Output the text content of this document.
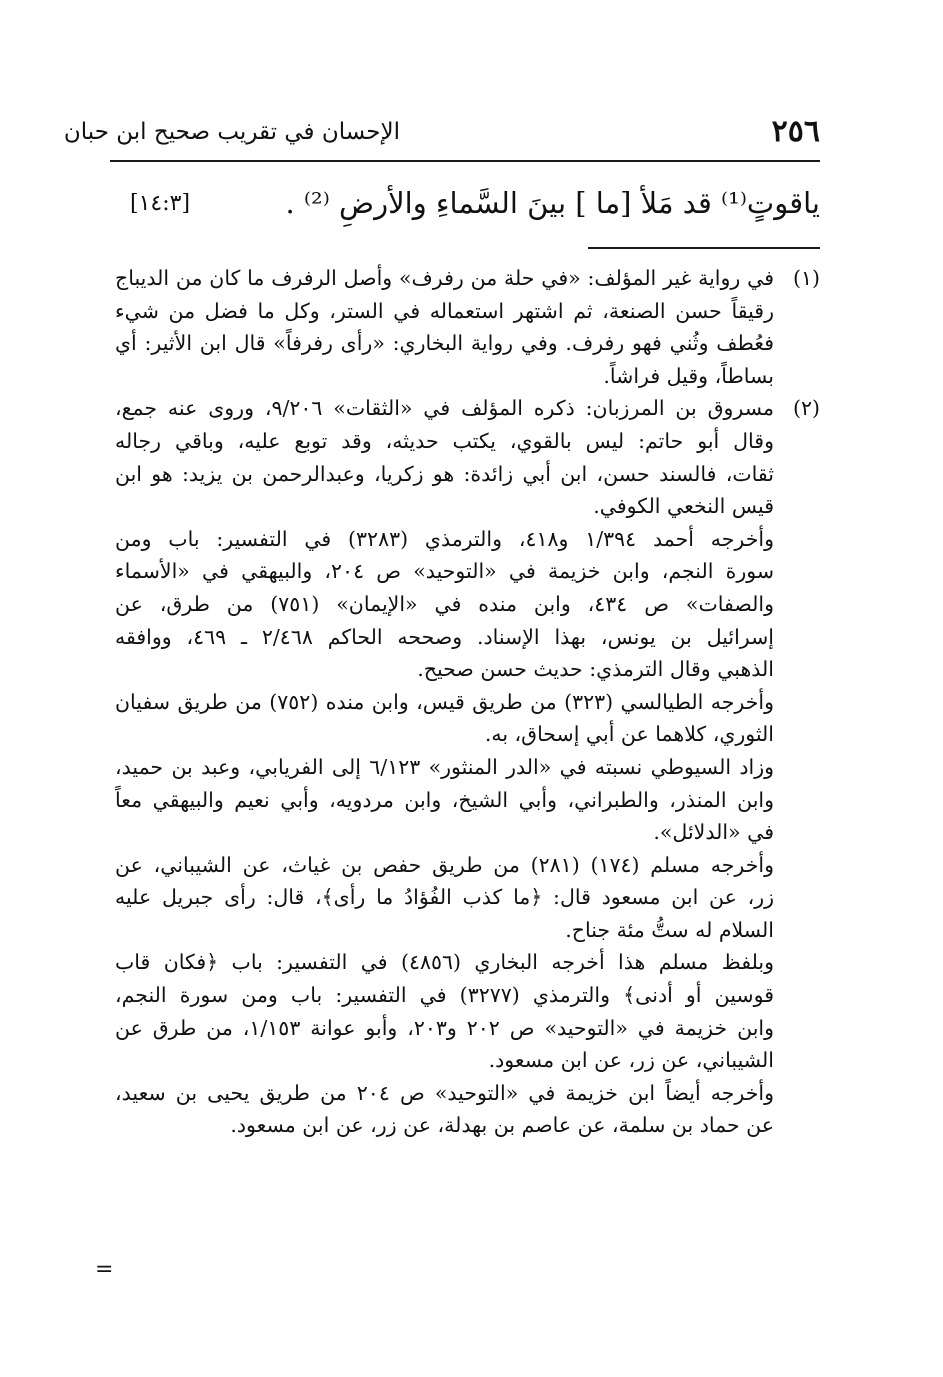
٢٥٦
الإحسان في تقريب صحيح ابن حبان
ياقوتٍ⁽¹⁾ قد مَلأ [ما ] بينَ السَّماءِ والأرضِ ⁽²⁾ .
[١٤:٣]
(١)
في رواية غير المؤلف: «في حلة من رفرف» وأصل الرفرف ما كان من الديباج
رقيقاً حسن الصنعة، ثم اشتهر استعماله في الستر، وكل ما فضل من شيء
فعُطف وثُني فهو رفرف. وفي رواية البخاري: «رأى رفرفاً» قال ابن الأثير: أي
بساطاً، وقيل فراشاً.
(٢)
مسروق بن المرزبان: ذكره المؤلف في «الثقات» ٩/٢٠٦، وروى عنه جمع،
وقال أبو حاتم: ليس بالقوي، يكتب حديثه، وقد توبع عليه، وباقي رجاله
ثقات، فالسند حسن، ابن أبي زائدة: هو زكريا، وعبدالرحمن بن يزيد: هو ابن
قيس النخعي الكوفي.
وأخرجه أحمد ١/٣٩٤ و٤١٨، والترمذي (٣٢٨٣) في التفسير: باب ومن
سورة النجم، وابن خزيمة في «التوحيد» ص ٢٠٤، والبيهقي في «الأسماء
والصفات» ص ٤٣٤، وابن منده في «الإيمان» (٧٥١) من طرق، عن
إسرائيل بن يونس، بهذا الإسناد. وصححه الحاكم ٢/٤٦٨ ـ ٤٦٩، ووافقه
الذهبي وقال الترمذي: حديث حسن صحيح.
وأخرجه الطيالسي (٣٢٣) من طريق قيس، وابن منده (٧٥٢) من طريق سفيان
الثوري، كلاهما عن أبي إسحاق، به.
وزاد السيوطي نسبته في «الدر المنثور» ٦/١٢٣ إلى الفريابي، وعبد بن حميد،
وابن المنذر، والطبراني، وأبي الشيخ، وابن مردويه، وأبي نعيم والبيهقي معاً
في «الدلائل».
وأخرجه مسلم (١٧٤) (٢٨١) من طريق حفص بن غياث، عن الشيباني، عن
زر، عن ابن مسعود قال: ﴿ما كذب الفُؤادُ ما رأى﴾، قال: رأى جبريل عليه
السلام له ستُّ مئة جناح.
وبلفظ مسلم هذا أخرجه البخاري (٤٨٥٦) في التفسير: باب ﴿فكان قاب
قوسين أو أدنى﴾ والترمذي (٣٢٧٧) في التفسير: باب ومن سورة النجم،
وابن خزيمة في «التوحيد» ص ٢٠٢ و٢٠٣، وأبو عوانة ١/١٥٣، من طرق عن
الشيباني، عن زر، عن ابن مسعود.
وأخرجه أيضاً ابن خزيمة في «التوحيد» ص ٢٠٤ من طريق يحيى بن سعيد،
عن حماد بن سلمة، عن عاصم بن بهدلة، عن زر، عن ابن مسعود.
=
